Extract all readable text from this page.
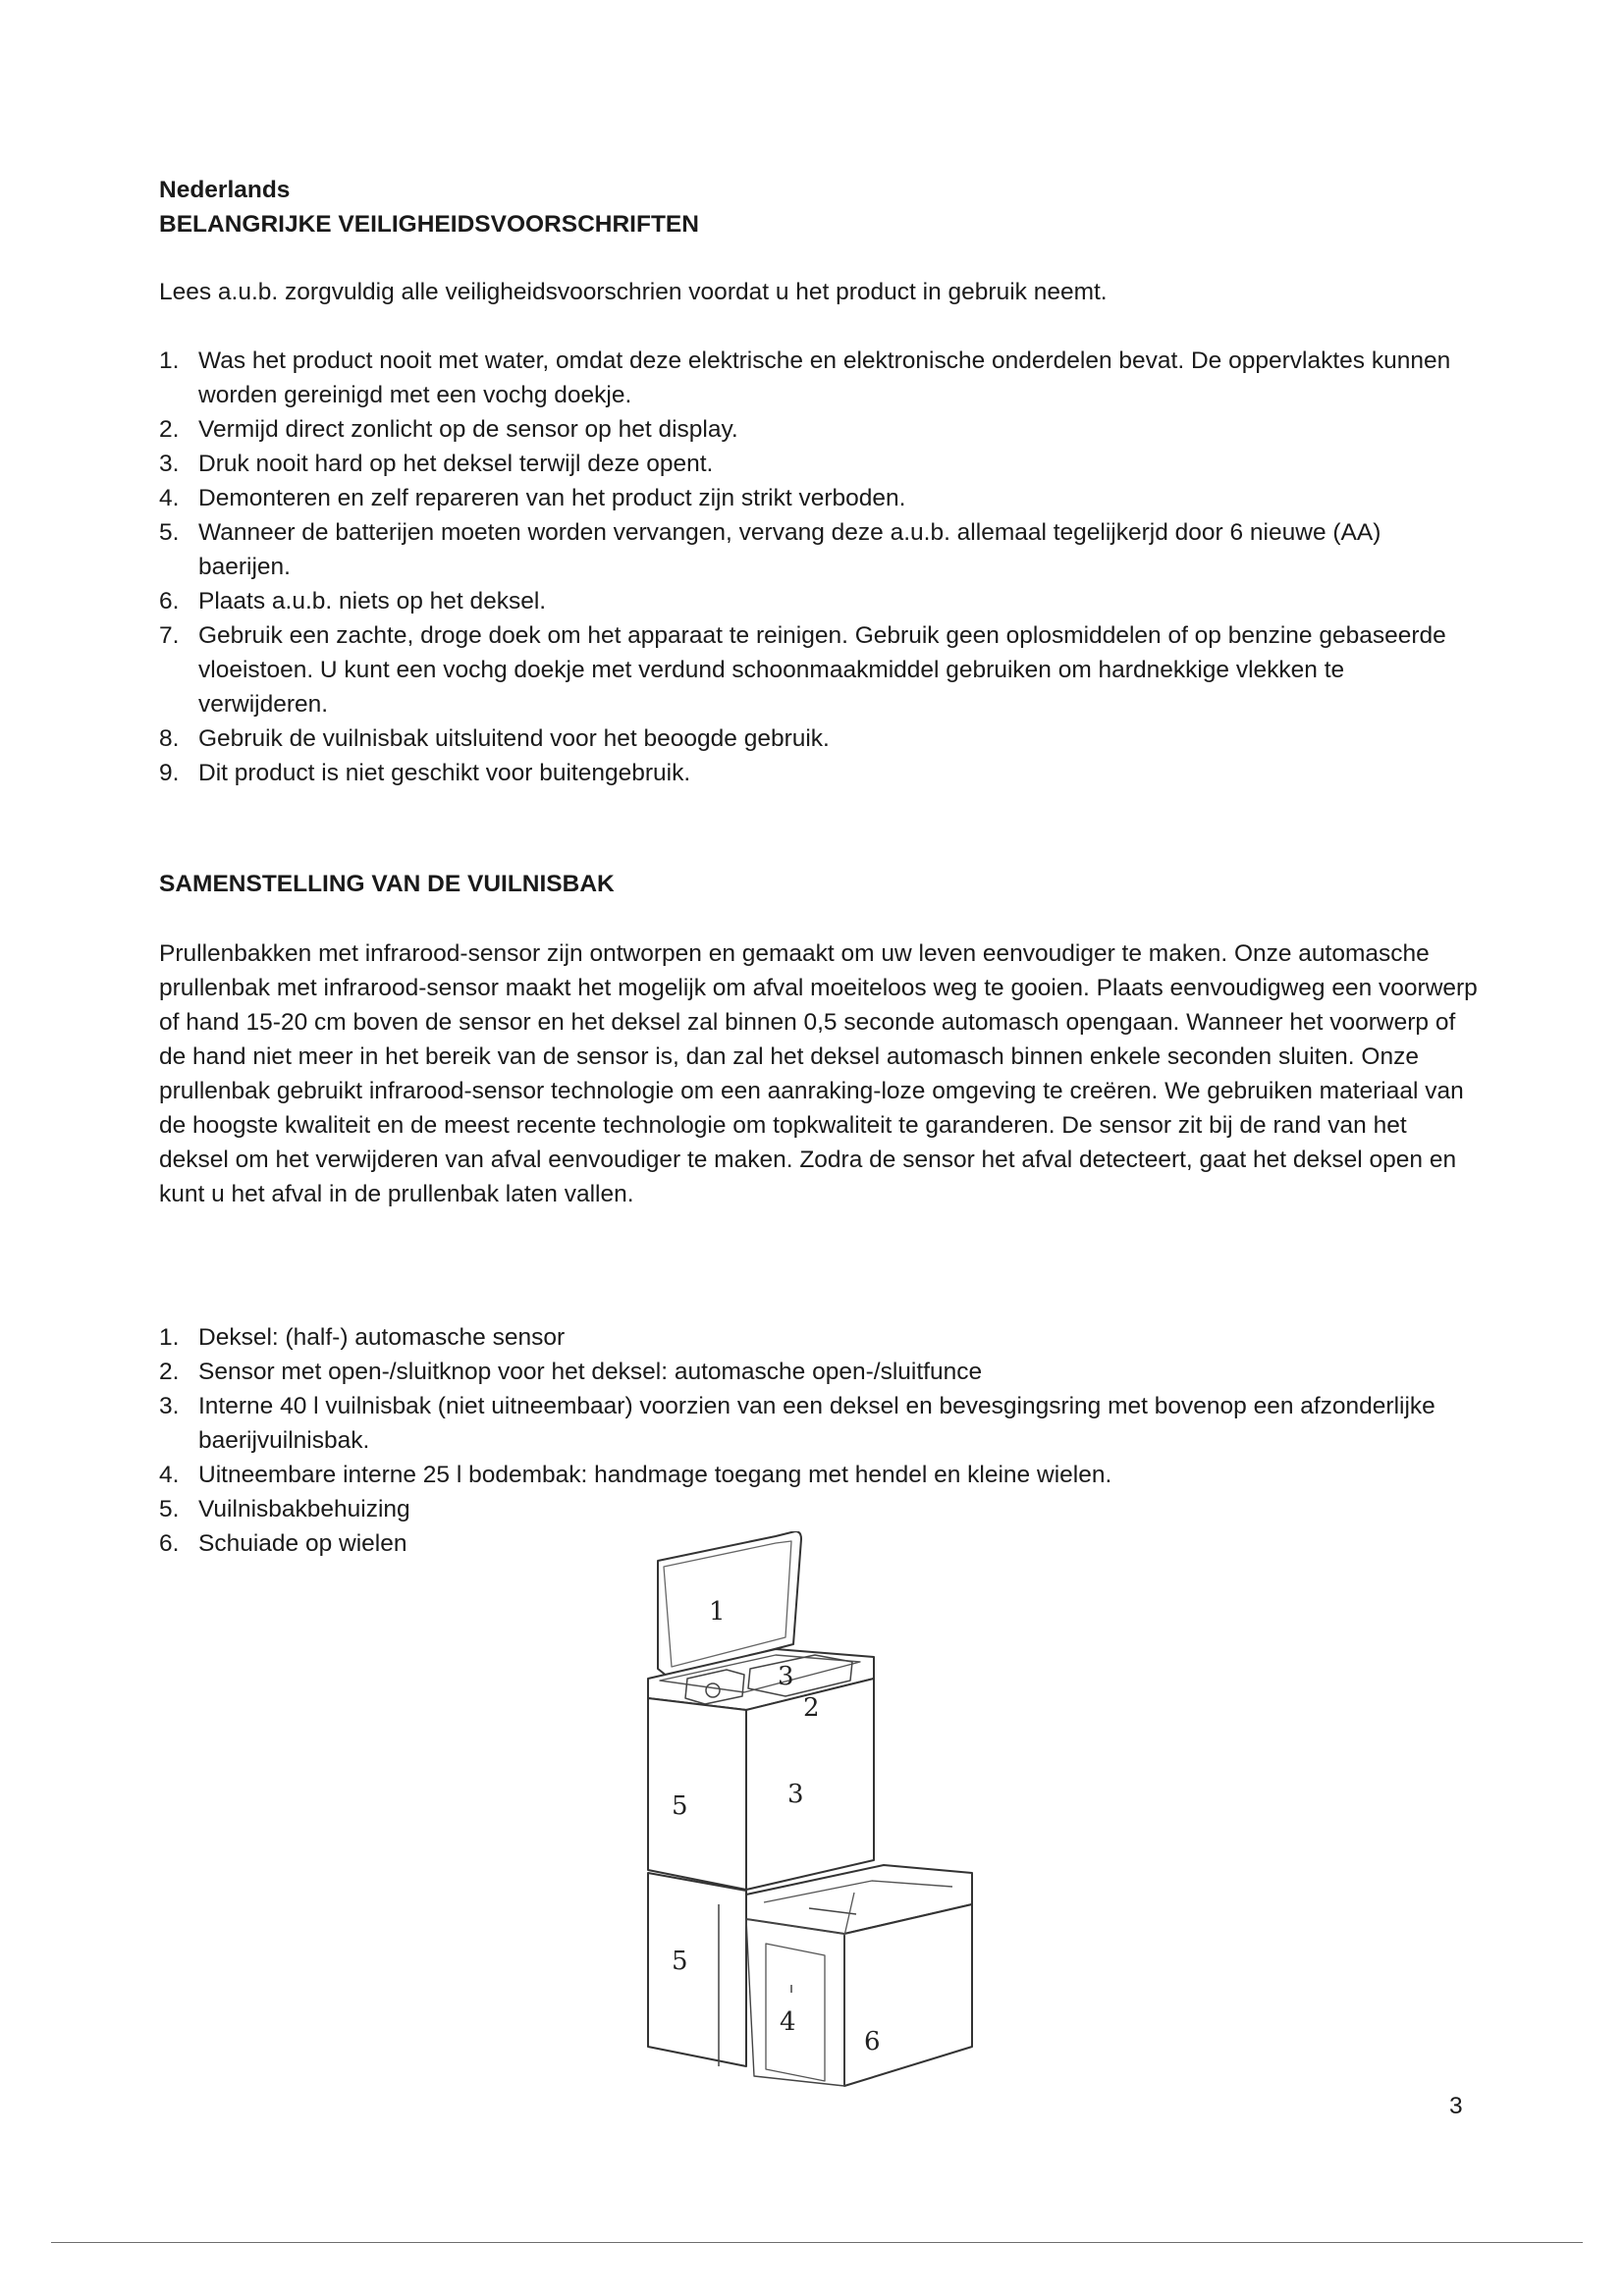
Nederlands
BELANGRIJKE VEILIGHEIDSVOORSCHRIFTEN
Lees a.u.b. zorgvuldig alle veiligheidsvoorschrien voordat u het product in gebruik neemt.
1. Was het product nooit met water, omdat deze elektrische en elektronische onderdelen bevat. De oppervlaktes kunnen worden gereinigd met een vochg doekje.
2. Vermijd direct zonlicht op de sensor op het display.
3. Druk nooit hard op het deksel terwijl deze opent.
4. Demonteren en zelf repareren van het product zijn strikt verboden.
5. Wanneer de batterijen moeten worden vervangen, vervang deze a.u.b. allemaal tegelijkerjd door 6 nieuwe (AA) baerijen.
6. Plaats a.u.b. niets op het deksel.
7. Gebruik een zachte, droge doek om het apparaat te reinigen. Gebruik geen oplosmiddelen of op benzine gebaseerde vloeistoen. U kunt een vochg doekje met verdund schoonmaakmiddel gebruiken om hardnekkige vlekken te verwijderen.
8. Gebruik de vuilnisbak uitsluitend voor het beoogde gebruik.
9. Dit product is niet geschikt voor buitengebruik.
SAMENSTELLING VAN DE VUILNISBAK
Prullenbakken met infrarood-sensor zijn ontworpen en gemaakt om uw leven eenvoudiger te maken. Onze automasche prullenbak met infrarood-sensor maakt het mogelijk om afval moeiteloos weg te gooien. Plaats eenvoudigweg een voorwerp of hand 15-20 cm boven de sensor en het deksel zal binnen 0,5 seconde automasch opengaan. Wanneer het voorwerp of de hand niet meer in het bereik van de sensor is, dan zal het deksel automasch binnen enkele seconden sluiten. Onze prullenbak gebruikt infrarood-sensor technologie om een aanraking-loze omgeving te creëren. We gebruiken materiaal van de hoogste kwaliteit en de meest recente technologie om topkwaliteit te garanderen. De sensor zit bij de rand van het deksel om het verwijderen van afval eenvoudiger te maken. Zodra de sensor het afval detecteert, gaat het deksel open en kunt u het afval in de prullenbak laten vallen.
1. Deksel: (half-) automasche sensor
2. Sensor met open-/sluitknop voor het deksel: automasche open-/sluitfunce
3. Interne 40 l vuilnisbak (niet uitneembaar) voorzien van een deksel en bevesgingsring met bovenop een afzonderlijke baerijvuilnisbak.
4. Uitneembare interne 25 l bodembak: handmage toegang met hendel en kleine wielen.
5. Vuilnisbakbehuizing
6. Schuiade op wielen
1
3
2
5	3
5
4
6
3
